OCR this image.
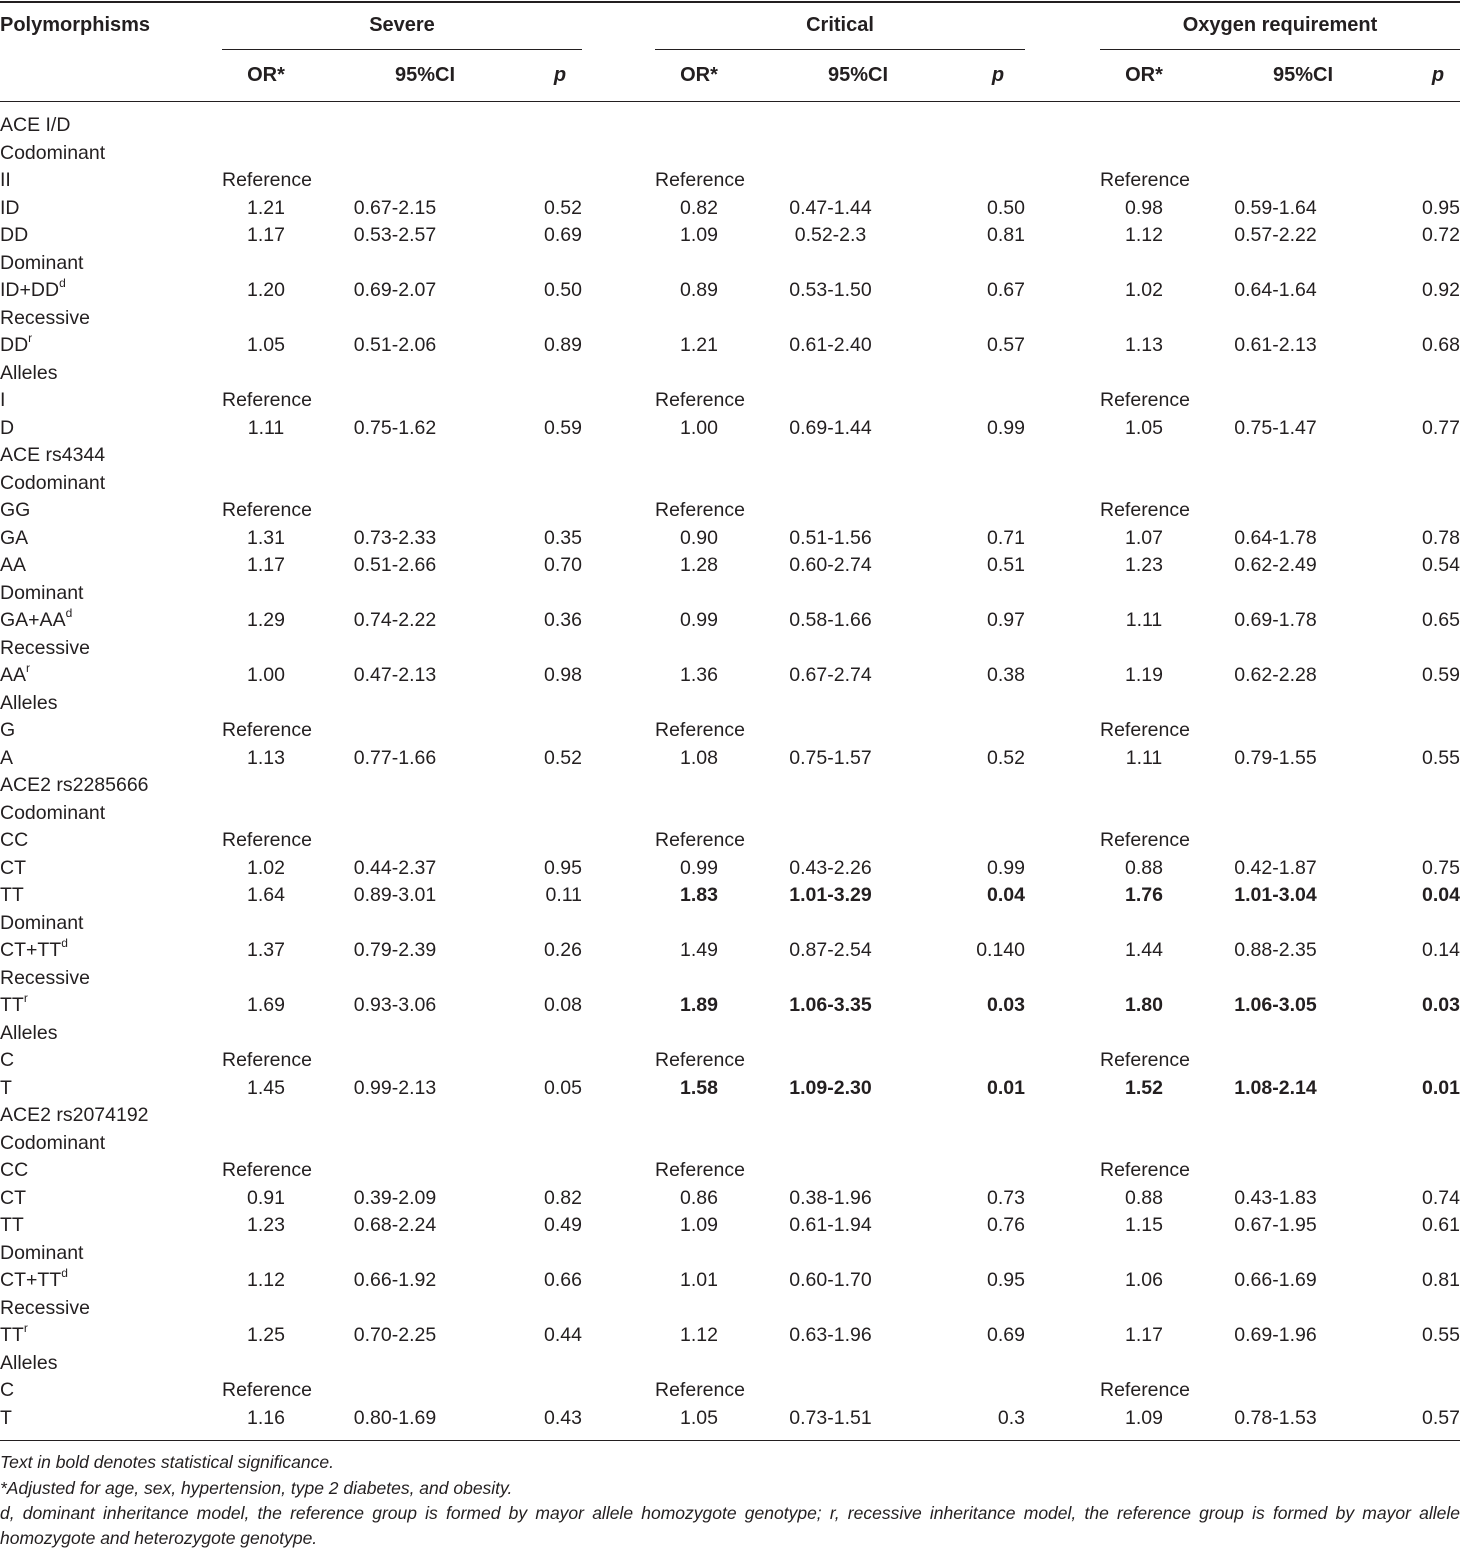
Polymorphisms	Severe	Critical	Oxygen requirement
OR*	95%CI	p	OR*	95%CI	p	OR*	95%CI	p
ACE I/D											
Codominant											
II	Reference				Reference				Reference		
ID	1.21	0.67-2.15	0.52		0.82	0.47-1.44	0.50		0.98	0.59-1.64	0.95
DD	1.17	0.53-2.57	0.69		1.09	0.52-2.3	0.81		1.12	0.57-2.22	0.72
Dominant											
$ID+DD^d$	1.20	0.69-2.07	0.50		0.89	0.53-1.50	0.67		1.02	0.64-1.64	0.92
Recessive											
$DD^r$	1.05	0.51-2.06	0.89		1.21	0.61-2.40	0.57		1.13	0.61-2.13	0.68
Alleles											
I	Reference				Reference				Reference		
D	1.11	0.75-1.62	0.59		1.00	0.69-1.44	0.99		1.05	0.75-1.47	0.77
ACE rs4344											
Codominant											
GG	Reference				Reference				Reference		
GA	1.31	0.73-2.33	0.35		0.90	0.51-1.56	0.71		1.07	0.64-1.78	0.78
AA	1.17	0.51-2.66	0.70		1.28	0.60-2.74	0.51		1.23	0.62-2.49	0.54
Dominant											
$GA+AA^d$	1.29	0.74-2.22	0.36		0.99	0.58-1.66	0.97		1.11	0.69-1.78	0.65
Recessive											
$AA^r$	1.00	0.47-2.13	0.98		1.36	0.67-2.74	0.38		1.19	0.62-2.28	0.59
Alleles											
G	Reference				Reference				Reference		
A	1.13	0.77-1.66	0.52		1.08	0.75-1.57	0.52		1.11	0.79-1.55	0.55
ACE2 rs2285666											
Codominant											
CC	Reference				Reference				Reference		
CT	1.02	0.44-2.37	0.95		0.99	0.43-2.26	0.99		0.88	0.42-1.87	0.75
TT	1.64	0.89-3.01	0.11		1.83	1.01-3.29	0.04		1.76	1.01-3.04	0.04
Dominant											
$CT+TT^d$	1.37	0.79-2.39	0.26		1.49	0.87-2.54	0.140		1.44	0.88-2.35	0.14
Recessive											
$TT^r$	1.69	0.93-3.06	0.08		1.89	1.06-3.35	0.03		1.80	1.06-3.05	0.03
Alleles											
C	Reference				Reference				Reference		
T	1.45	0.99-2.13	0.05		1.58	1.09-2.30	0.01		1.52	1.08-2.14	0.01
ACE2 rs2074192											
Codominant											
CC	Reference				Reference				Reference		
CT	0.91	0.39-2.09	0.82		0.86	0.38-1.96	0.73		0.88	0.43-1.83	0.74
TT	1.23	0.68-2.24	0.49		1.09	0.61-1.94	0.76		1.15	0.67-1.95	0.61
Dominant											
$CT+TT^d$	1.12	0.66-1.92	0.66		1.01	0.60-1.70	0.95		1.06	0.66-1.69	0.81
Recessive											
$TT^r$	1.25	0.70-2.25	0.44		1.12	0.63-1.96	0.69		1.17	0.69-1.96	0.55
Alleles											
C	Reference				Reference				Reference		
T	1.16	0.80-1.69	0.43		1.05	0.73-1.51	0.3		1.09	0.78-1.53	0.57
Text in bold denotes statistical significance.
*Adjusted for age, sex, hypertension, type 2 diabetes, and obesity.
d, dominant inheritance model, the reference group is formed by mayor allele homozygote genotype; r, recessive inheritance model, the reference group is formed by mayor allele homozygote and heterozygote genotype.
